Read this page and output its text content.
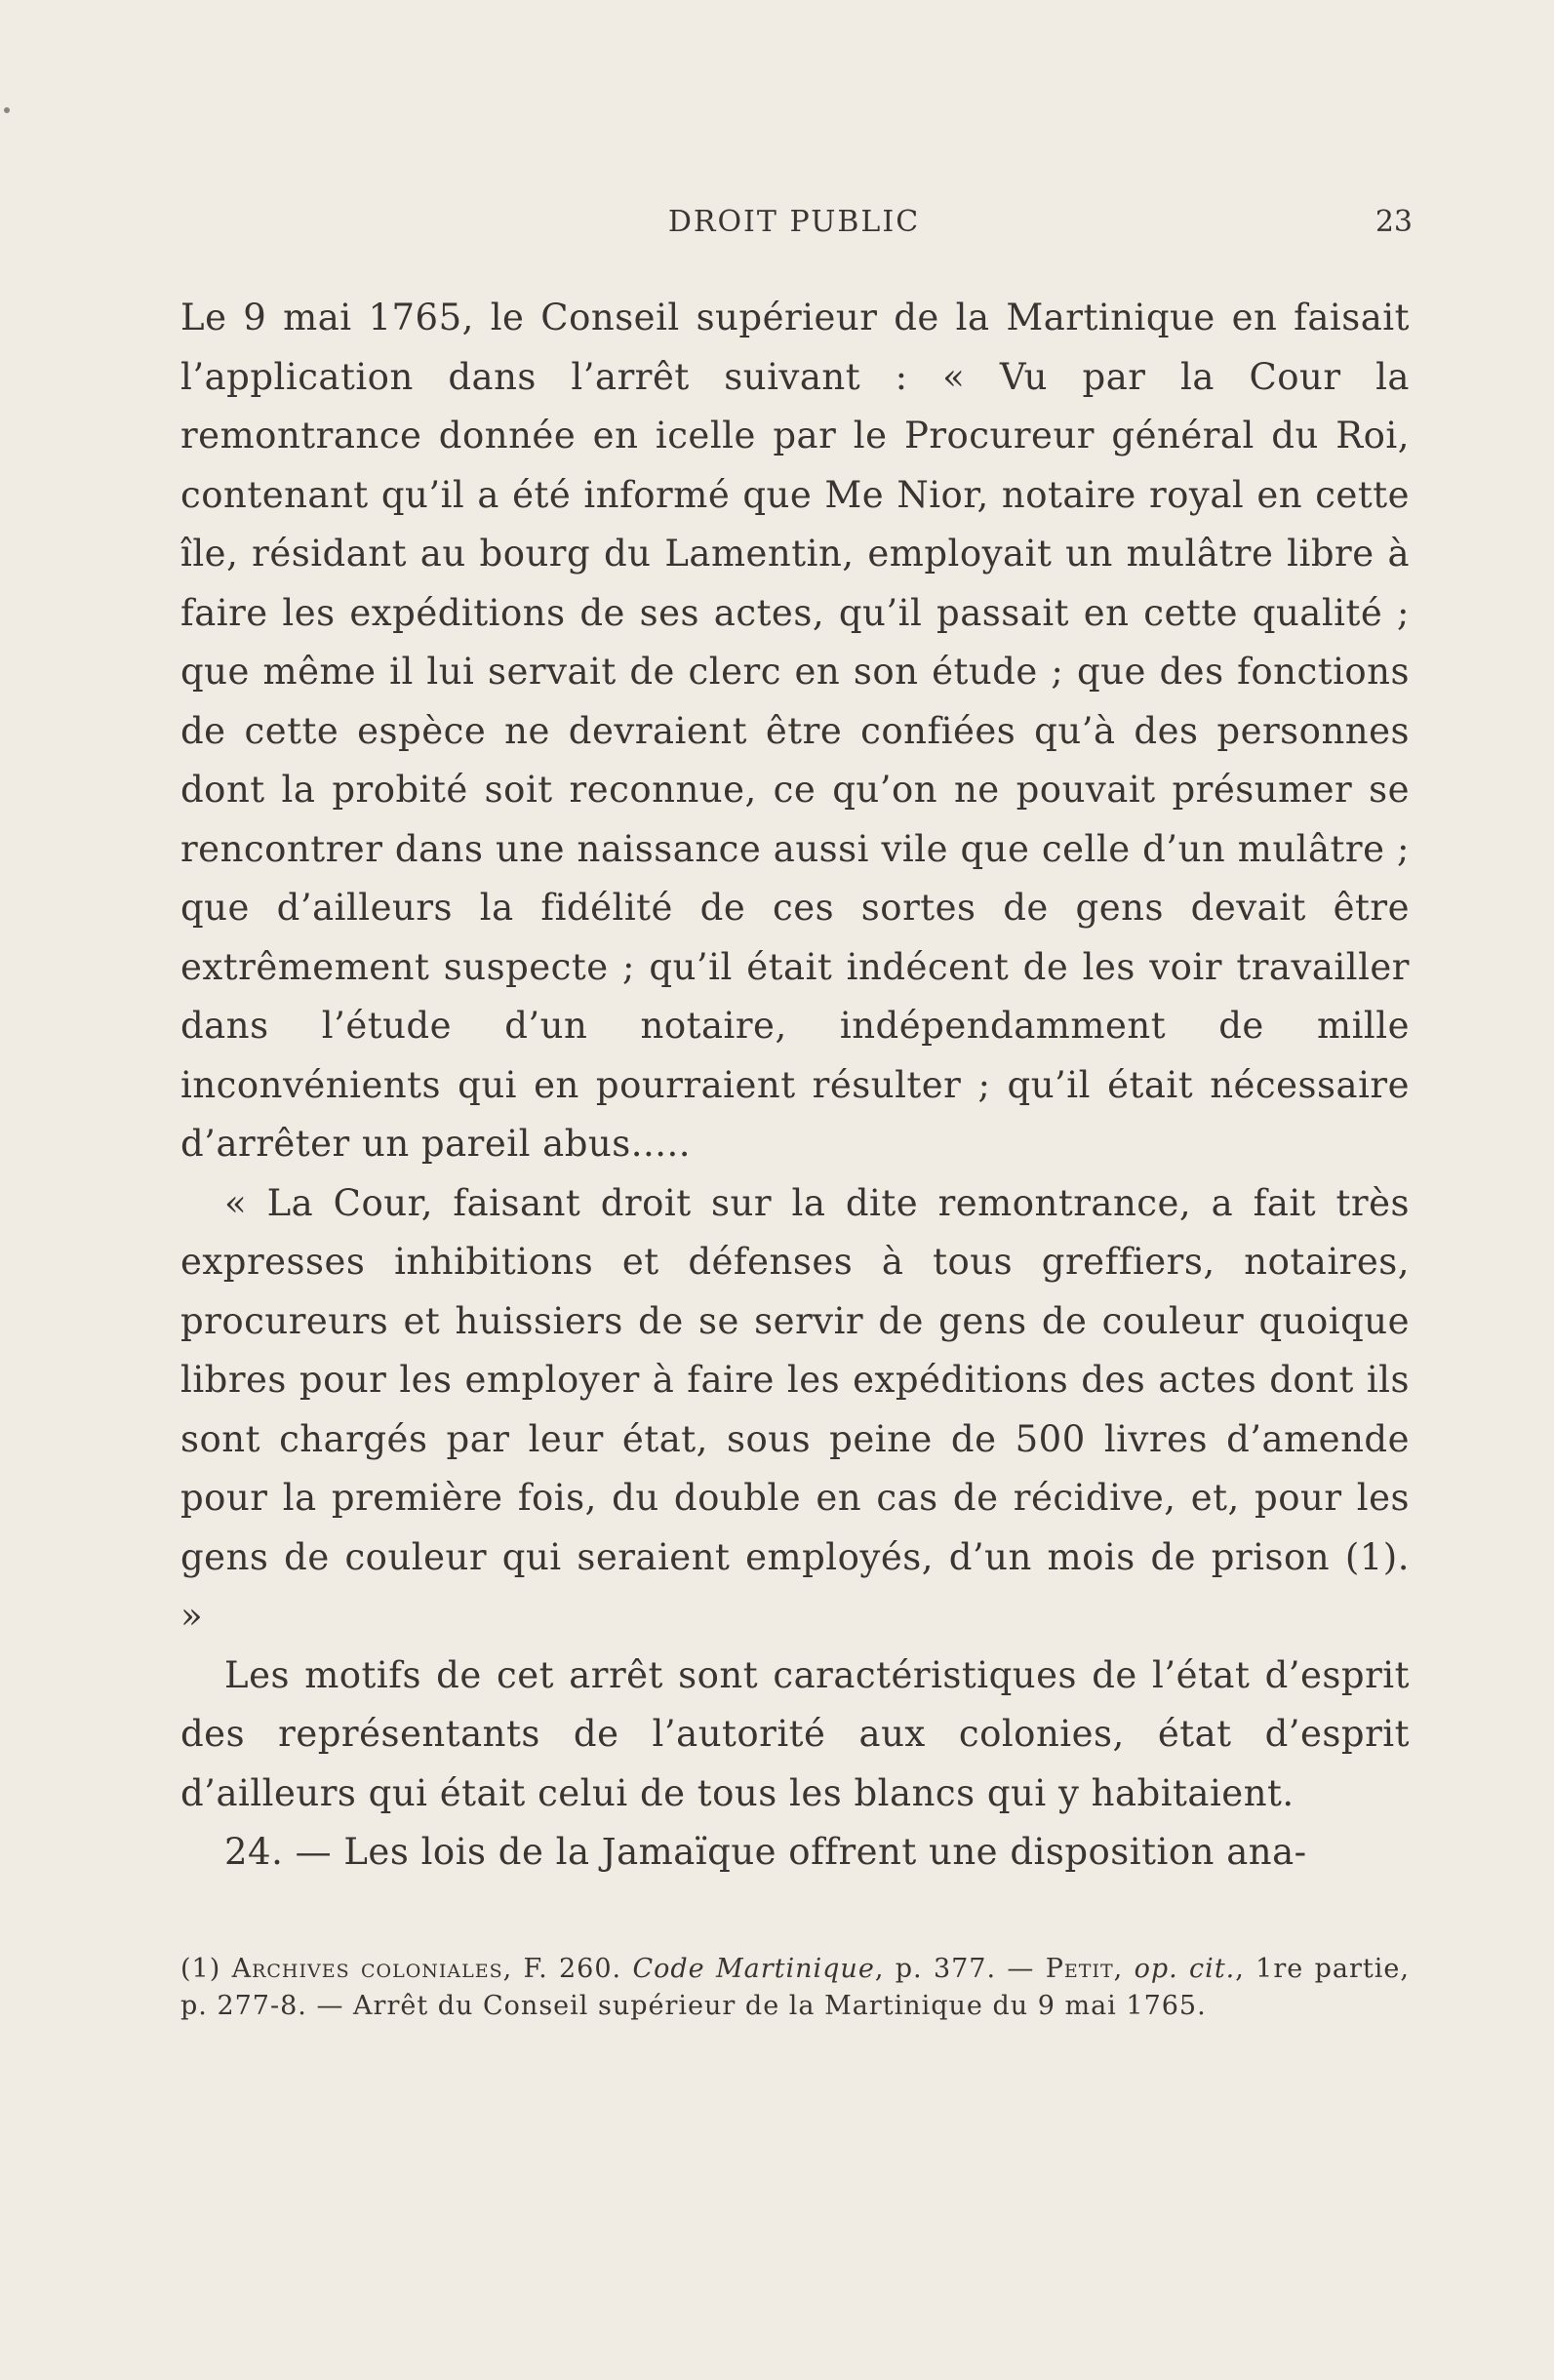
DROIT PUBLIC	23

Le 9 mai 1765, le Conseil supérieur de la Martinique en faisait l’application dans l’arrêt suivant : « Vu par la Cour la remontrance donnée en icelle par le Procureur général du Roi, contenant qu’il a été informé que Me Nior, notaire royal en cette île, résidant au bourg du Lamentin, employait un mulâtre libre à faire les expéditions de ses actes, qu’il passait en cette qualité ; que même il lui servait de clerc en son étude ; que des fonctions de cette espèce ne devraient être confiées qu’à des personnes dont la probité soit reconnue, ce qu’on ne pouvait présumer se rencontrer dans une naissance aussi vile que celle d’un mulâtre ; que d’ailleurs la fidélité de ces sortes de gens devait être extrêmement suspecte ; qu’il était indécent de les voir travailler dans l’étude d’un notaire, indépendamment de mille inconvénients qui en pourraient résulter ; qu’il était nécessaire d’arrêter un pareil abus.....

« La Cour, faisant droit sur la dite remontrance, a fait très expresses inhibitions et défenses à tous greffiers, notaires, procureurs et huissiers de se servir de gens de couleur quoique libres pour les employer à faire les expéditions des actes dont ils sont chargés par leur état, sous peine de 500 livres d’amende pour la première fois, du double en cas de récidive, et, pour les gens de couleur qui seraient employés, d’un mois de prison (1). »

Les motifs de cet arrêt sont caractéristiques de l’état d’esprit des représentants de l’autorité aux colonies, état d’esprit d’ailleurs qui était celui de tous les blancs qui y habitaient.

24. — Les lois de la Jamaïque offrent une disposition ana-

(1) Archives coloniales, F. 260. Code Martinique, p. 377. — Petit, op. cit., 1re partie, p. 277-8. — Arrêt du Conseil supérieur de la Martinique du 9 mai 1765.
